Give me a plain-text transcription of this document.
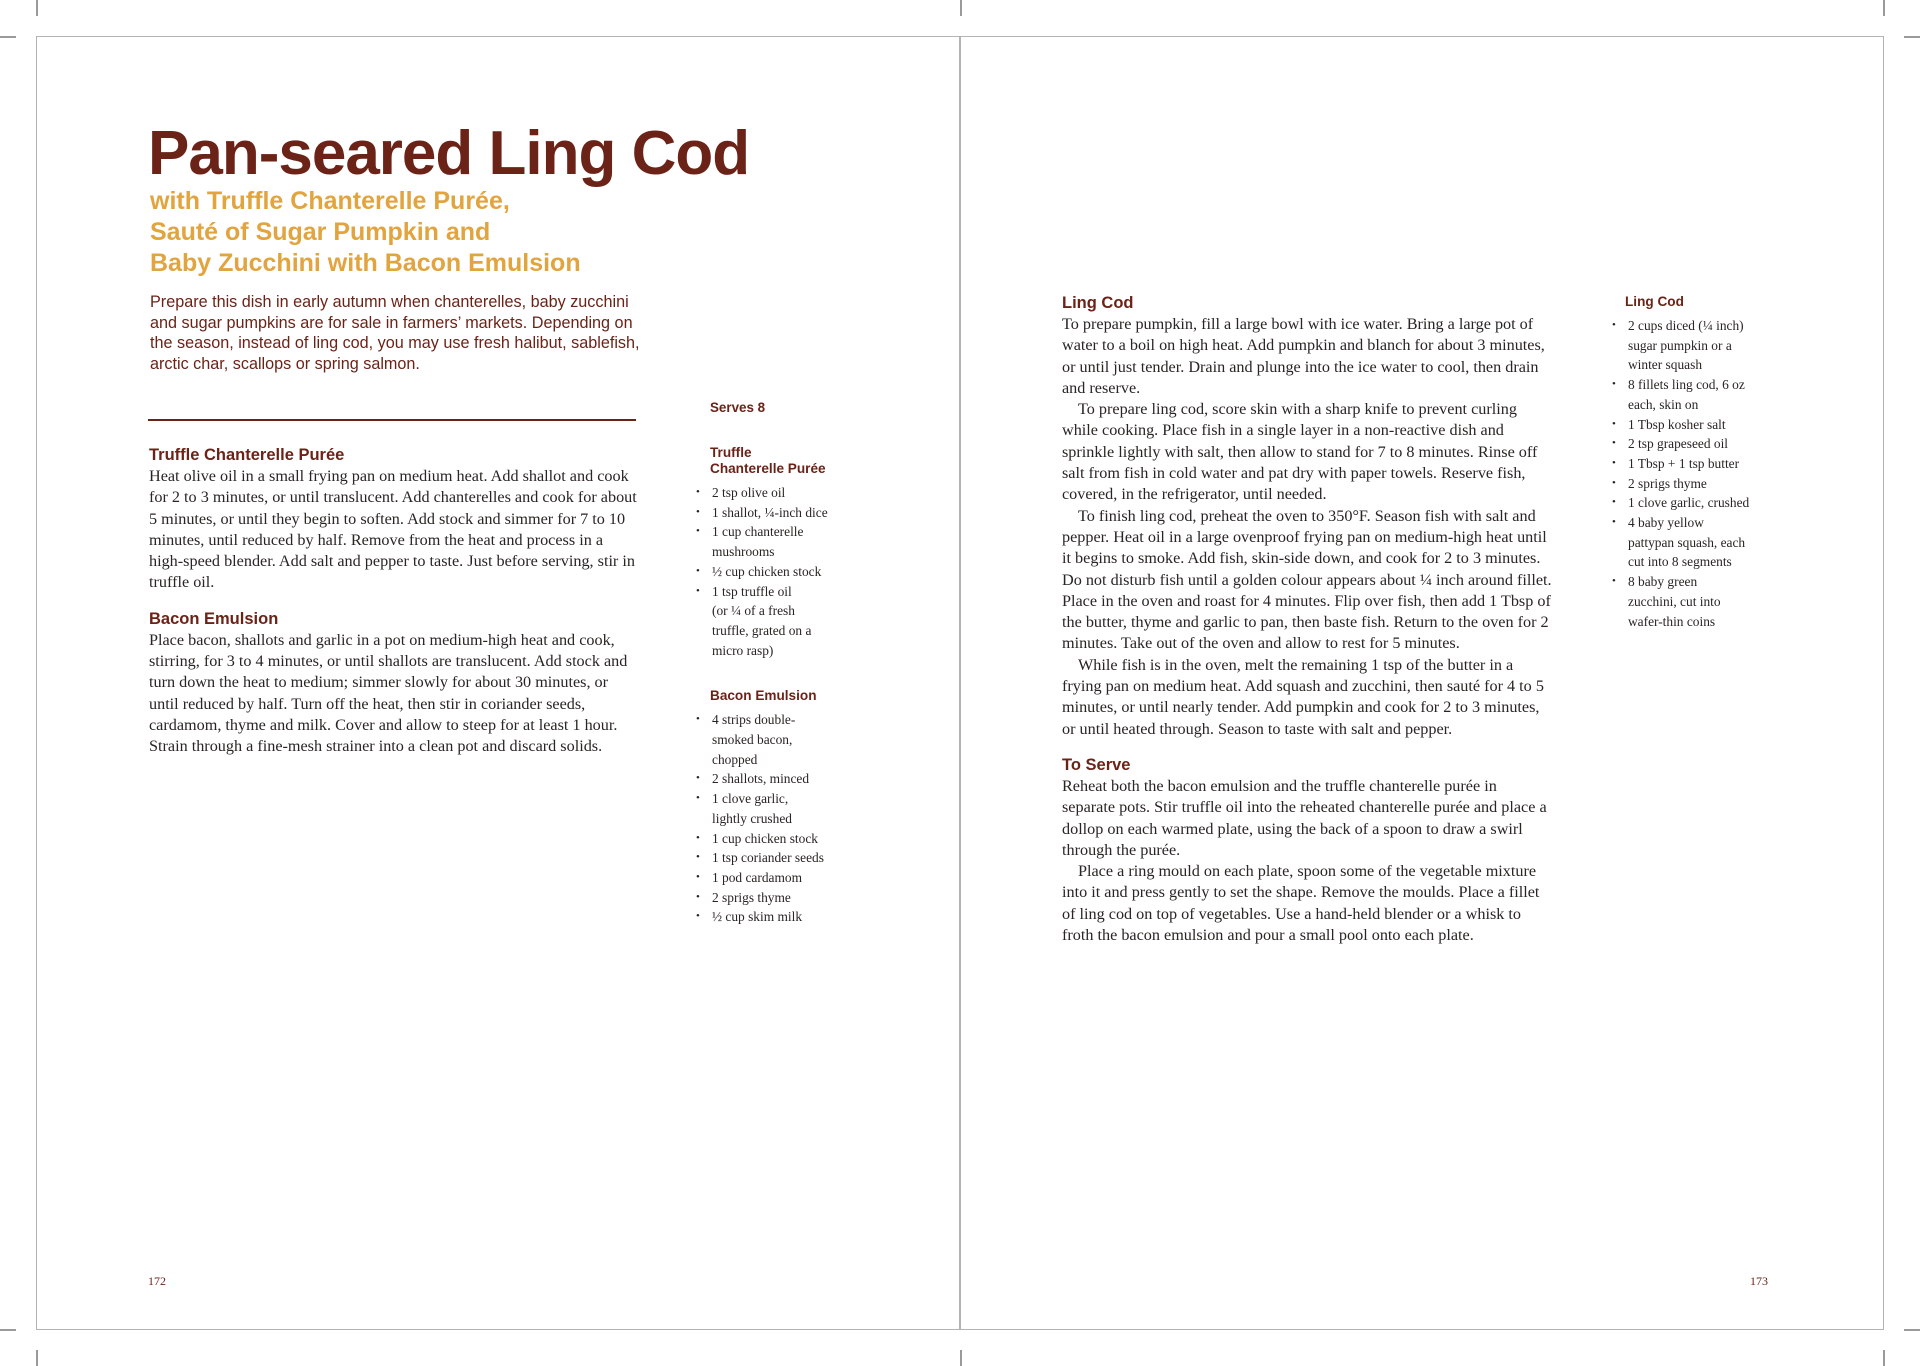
Pan-seared Ling Cod
with Truffle Chanterelle Purée,
Sauté of Sugar Pumpkin and
Baby Zucchini with Bacon Emulsion

Prepare this dish in early autumn when chanterelles, baby zucchini and sugar pumpkins are for sale in farmers’ markets. Depending on the season, instead of ling cod, you may use fresh halibut, sablefish, arctic char, scallops or spring salmon.

Truffle Chanterelle Purée

Heat olive oil in a small frying pan on medium heat. Add shallot and cook for 2 to 3 minutes, or until translucent. Add chanterelles and cook for about 5 minutes, or until they begin to soften. Add stock and simmer for 7 to 10 minutes, until reduced by half. Remove from the heat and process in a high-speed blender. Add salt and pepper to taste. Just before serving, stir in truffle oil.

Bacon Emulsion

Place bacon, shallots and garlic in a pot on medium-high heat and cook, stirring, for 3 to 4 minutes, or until shallots are translucent. Add stock and turn down the heat to medium; simmer slowly for about 30 minutes, or until reduced by half. Turn off the heat, then stir in coriander seeds, cardamom, thyme and milk. Cover and allow to steep for at least 1 hour. Strain through a fine-mesh strainer into a clean pot and discard solids.

Serves 8
Truffle
Chanterelle Purée
• 2 tsp olive oil
• 1 shallot, ¼-inch dice
• 1 cup chanterelle
mushrooms
• ½ cup chicken stock
• 1 tsp truffle oil
(or ¼ of a fresh
truffle, grated on a
micro rasp)
Bacon Emulsion
• 4 strips double-
smoked bacon,
chopped
• 2 shallots, minced
• 1 clove garlic,
lightly crushed
• 1 cup chicken stock
• 1 tsp coriander seeds
• 1 pod cardamom
• 2 sprigs thyme
• ½ cup skim milk
Ling Cod

To prepare pumpkin, fill a large bowl with ice water. Bring a large pot of water to a boil on high heat. Add pumpkin and blanch for about 3 minutes, or until just tender. Drain and plunge into the ice water to cool, then drain and reserve.

To prepare ling cod, score skin with a sharp knife to prevent curling while cooking. Place fish in a single layer in a non-reactive dish and sprinkle lightly with salt, then allow to stand for 7 to 8 minutes. Rinse off salt from fish in cold water and pat dry with paper towels. Reserve fish, covered, in the refrigerator, until needed.

To finish ling cod, preheat the oven to 350°F. Season fish with salt and pepper. Heat oil in a large ovenproof frying pan on medium-high heat until it begins to smoke. Add fish, skin-side down, and cook for 2 to 3 minutes. Do not disturb fish until a golden colour appears about ¼ inch around fillet. Place in the oven and roast for 4 minutes. Flip over fish, then add 1 Tbsp of the butter, thyme and garlic to pan, then baste fish. Return to the oven for 2 minutes. Take out of the oven and allow to rest for 5 minutes.

While fish is in the oven, melt the remaining 1 tsp of the butter in a frying pan on medium heat. Add squash and zucchini, then sauté for 4 to 5 minutes, or until nearly tender. Add pumpkin and cook for 2 to 3 minutes, or until heated through. Season to taste with salt and pepper.

To Serve

Reheat both the bacon emulsion and the truffle chanterelle purée in separate pots. Stir truffle oil into the reheated chanterelle purée and place a dollop on each warmed plate, using the back of a spoon to draw a swirl through the purée.

Place a ring mould on each plate, spoon some of the vegetable mixture into it and press gently to set the shape. Remove the moulds. Place a fillet of ling cod on top of vegetables. Use a hand-held blender or a whisk to froth the bacon emulsion and pour a small pool onto each plate.

Ling Cod
• 2 cups diced (¼ inch)
sugar pumpkin or a
winter squash
• 8 fillets ling cod, 6 oz
each, skin on
• 1 Tbsp kosher salt
• 2 tsp grapeseed oil
• 1 Tbsp + 1 tsp butter
• 2 sprigs thyme
• 1 clove garlic, crushed
• 4 baby yellow
pattypan squash, each
cut into 8 segments
• 8 baby green
zucchini, cut into
wafer-thin coins
172	173
